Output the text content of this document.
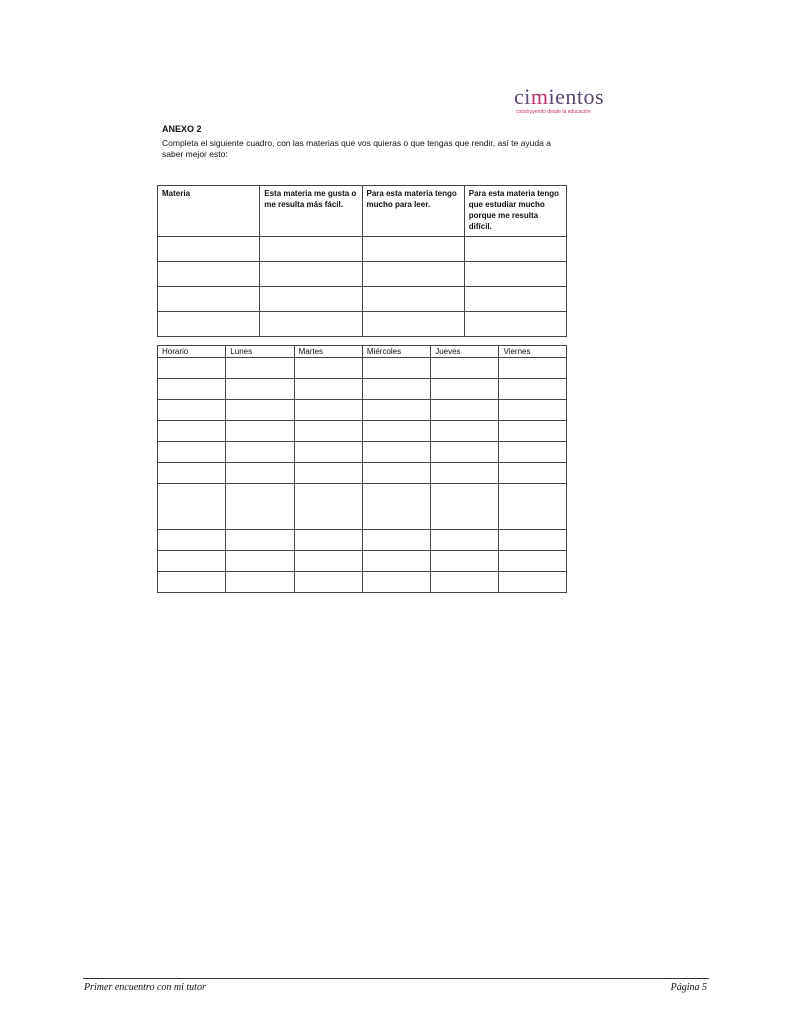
cimientos
construyendo desde la educación
ANEXO 2
Completa el siguiente cuadro, con las materias que vos quieras o que tengas que rendir, así te ayuda a saber mejor esto:
Materia	Esta materia me gusta o me resulta más fácil.	Para esta materia tengo mucho para leer.	Para esta materia tengo que estudiar mucho porque me resulta difícil.

Horario	Lunes	Martes	Miércoles	Jueves	Viernes

Primer encuentro con mi tutor	Página 5
